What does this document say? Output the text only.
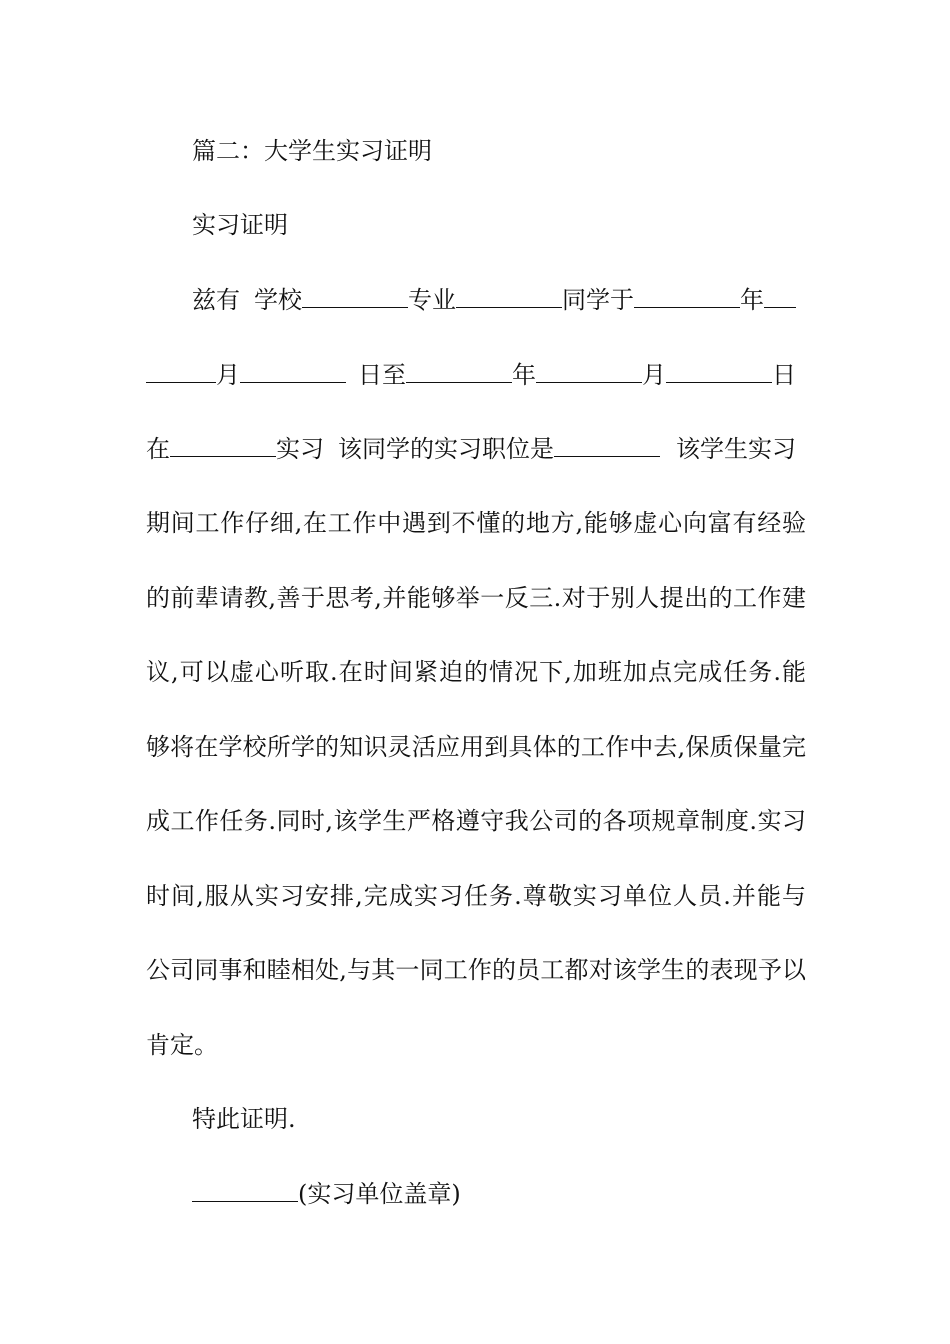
篇二：大学生实习证明
实习证明
兹有 学校	专业	同学于	年
月	日至	年	月	日
在	实习 该同学的实习职位是	该学生实习
期间工作仔细,在工作中遇到不懂的地方,能够虚心向富有经验
的前辈请教,善于思考,并能够举一反三.对于别人提出的工作建
议,可以虚心听取.在时间紧迫的情况下,加班加点完成任务.能
够将在学校所学的知识灵活应用到具体的工作中去,保质保量完
成工作任务.同时,该学生严格遵守我公司的各项规章制度.实习
时间,服从实习安排,完成实习任务.尊敬实习单位人员.并能与
公司同事和睦相处,与其一同工作的员工都对该学生的表现予以
肯定。
特此证明.
(实习单位盖章)
